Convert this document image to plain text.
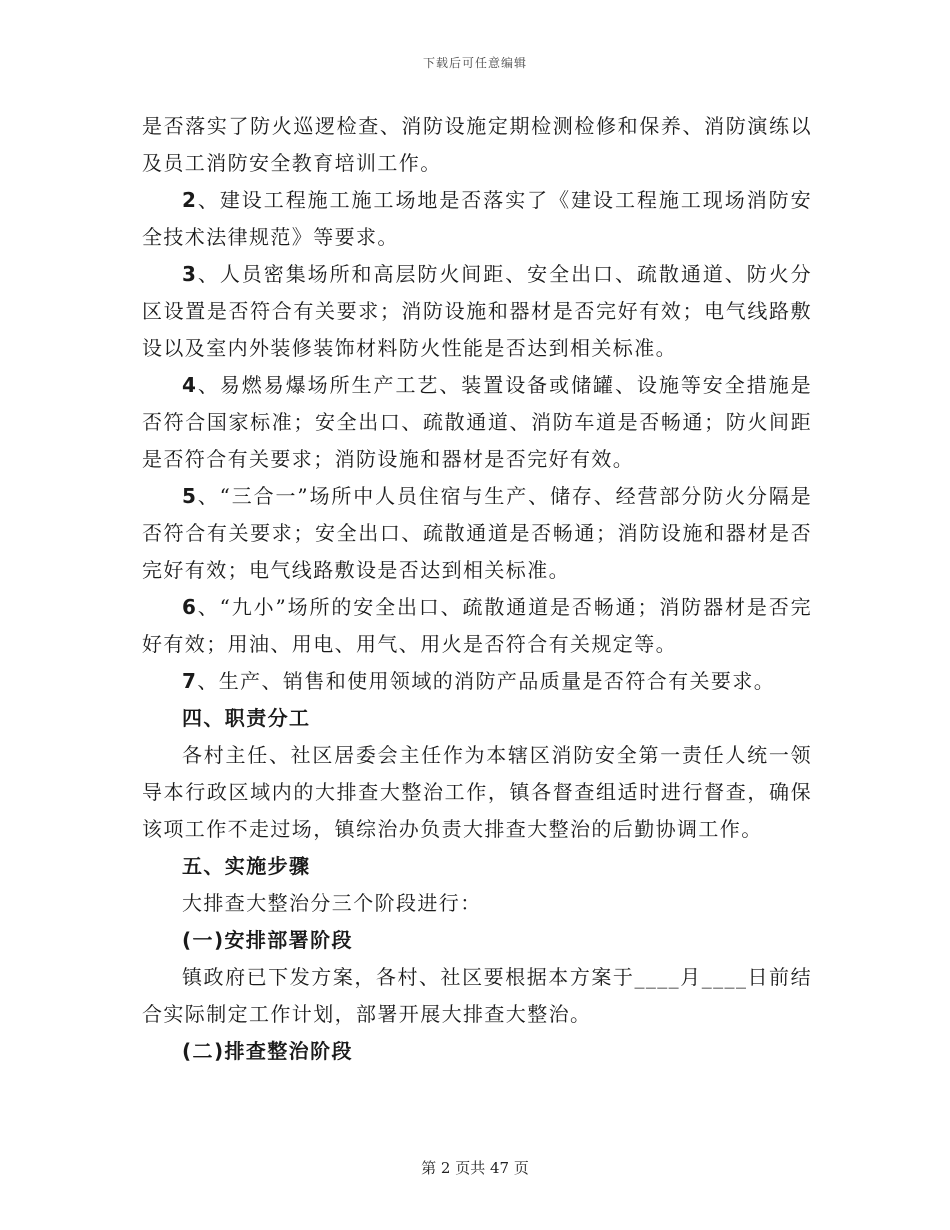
下载后可任意编辑

是否落实了防火巡逻检查、消防设施定期检测检修和保养、消防演练以及员工消防安全教育培训工作。

2、建设工程施工施工场地是否落实了《建设工程施工现场消防安全技术法律规范》等要求。

3、人员密集场所和高层防火间距、安全出口、疏散通道、防火分区设置是否符合有关要求；消防设施和器材是否完好有效；电气线路敷设以及室内外装修装饰材料防火性能是否达到相关标准。

4、易燃易爆场所生产工艺、装置设备或储罐、设施等安全措施是否符合国家标准；安全出口、疏散通道、消防车道是否畅通；防火间距是否符合有关要求；消防设施和器材是否完好有效。

5、“三合一”场所中人员住宿与生产、储存、经营部分防火分隔是否符合有关要求；安全出口、疏散通道是否畅通；消防设施和器材是否完好有效；电气线路敷设是否达到相关标准。

6、“九小”场所的安全出口、疏散通道是否畅通；消防器材是否完好有效；用油、用电、用气、用火是否符合有关规定等。

7、生产、销售和使用领域的消防产品质量是否符合有关要求。

四、职责分工

各村主任、社区居委会主任作为本辖区消防安全第一责任人统一领导本行政区域内的大排查大整治工作，镇各督查组适时进行督查，确保该项工作不走过场，镇综治办负责大排查大整治的后勤协调工作。

五、实施步骤

大排查大整治分三个阶段进行：

(一)安排部署阶段

镇政府已下发方案，各村、社区要根据本方案于____月____日前结合实际制定工作计划，部署开展大排查大整治。

(二)排查整治阶段

第 2 页共 47 页
